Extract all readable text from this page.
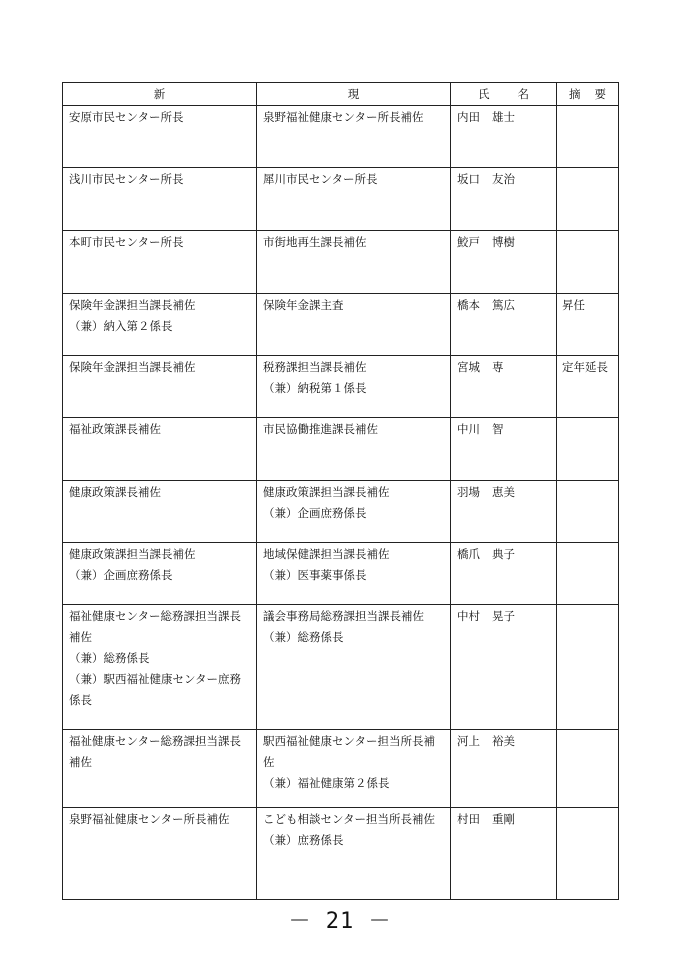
新	現	氏 名	摘 要

安原市民センター所長	泉野福祉健康センター所長補佐	内田 雄士	

浅川市民センター所長	犀川市民センター所長	坂口 友治	

本町市民センター所長	市街地再生課長補佐	鮫戸 博樹	

保険年金課担当課長補佐
（兼）納入第２係長	保険年金課主査	橋本 篤広	昇任

保険年金課担当課長補佐	税務課担当課長補佐
（兼）納税第１係長	宮城 専	定年延長

福祉政策課長補佐	市民協働推進課長補佐	中川 智	

健康政策課長補佐	健康政策課担当課長補佐
（兼）企画庶務係長	羽場 恵美	

健康政策課担当課長補佐
（兼）企画庶務係長	地域保健課担当課長補佐
（兼）医事薬事係長	橋爪 典子	

福祉健康センター総務課担当課長補佐
（兼）総務係長
（兼）駅西福祉健康センター庶務係長	議会事務局総務課担当課長補佐
（兼）総務係長	中村 晃子	

福祉健康センター総務課担当課長補佐	駅西福祉健康センター担当所長補佐
（兼）福祉健康第２係長	河上 裕美	

泉野福祉健康センター所長補佐	こども相談センター担当所長補佐
（兼）庶務係長	村田 重剛	
－ 21 －
